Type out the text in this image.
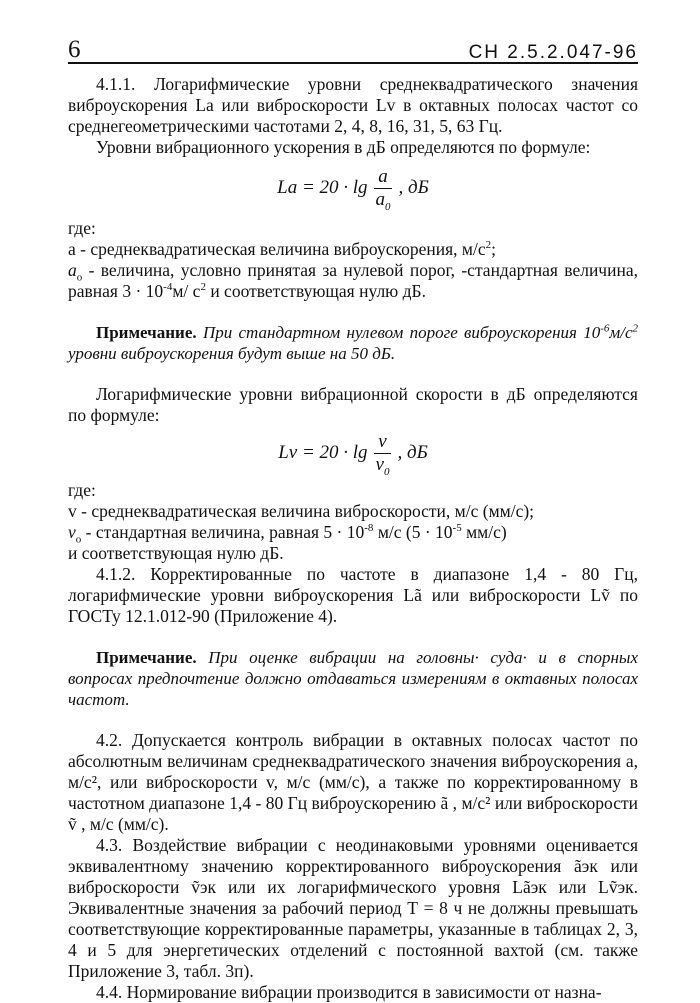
6	СН 2.5.2.047-96

4.1.1. Логарифмические уровни среднеквадратического значения виброускорения La или виброскорости Lv в октавных полосах частот со среднегеометрическими частотами 2, 4, 8, 16, 31, 5, 63 Гц.

Уровни вибрационного ускорения в дБ определяются по формуле:

$La = 20 \cdot \lg \frac{a}{a_0}$ , дБ

где:

a - среднеквадратическая величина виброускорения, $м/с^2$;

$a_o$ - величина, условно принятая за нулевой порог, -стандартная величина, равная $3 \cdot 10^{-4}м/$ $с^2$ и соответствующая нулю дБ.

Примечание. При стандартном нулевом пороге виброускорения 10$^{-6}$м/с$^2$ уровни виброускорения будут выше на 50 дБ.

Логарифмические уровни вибрационной скорости в дБ определяются по формуле:

$Lv = 20 \cdot \lg \frac{v}{v_0}$ , дБ

где:

v - среднеквадратическая величина виброскорости, м/с (мм/с);

$v_o$ - стандартная величина, равная $5 \cdot 10^{-8}$ м/с ($5 \cdot 10^{-5}$ мм/с)

и соответствующая нулю дБ.

4.1.2. Корректированные по частоте в диапазоне 1,4 - 80 Гц, логарифмические уровни виброускорения Lã или виброскорости Lṽ по ГОСТу 12.1.012-90 (Приложение 4).

Примечание. При оценке вибрации на головны· суда· и в спорных вопросах предпочтение должно отдаваться измерениям в октавных полосах частот.

4.2. Допускается контроль вибрации в октавных полосах частот по абсолютным величинам среднеквадратического значения виброускорения a, м/с², или виброскорости v, м/с (мм/с), а также по корректированному в частотном диапазоне 1,4 - 80 Гц виброускорению ã , м/с² или виброскорости ṽ , м/с (мм/с).

4.3. Воздействие вибрации с неодинаковыми уровнями оценивается эквивалентному значению корректированного виброускорения ãэк или виброскорости ṽэк или их логарифмического уровня Lãэк или Lṽэк. Эквивалентные значения за рабочий период Т = 8 ч не должны превышать соответствующие корректированные параметры, указанные в таблицах 2, 3, 4 и 5 для энергетических отделений с постоянной вахтой (см. также Приложение 3, табл. 3п).

4.4. Нормирование вибрации производится в зависимости от назна-
